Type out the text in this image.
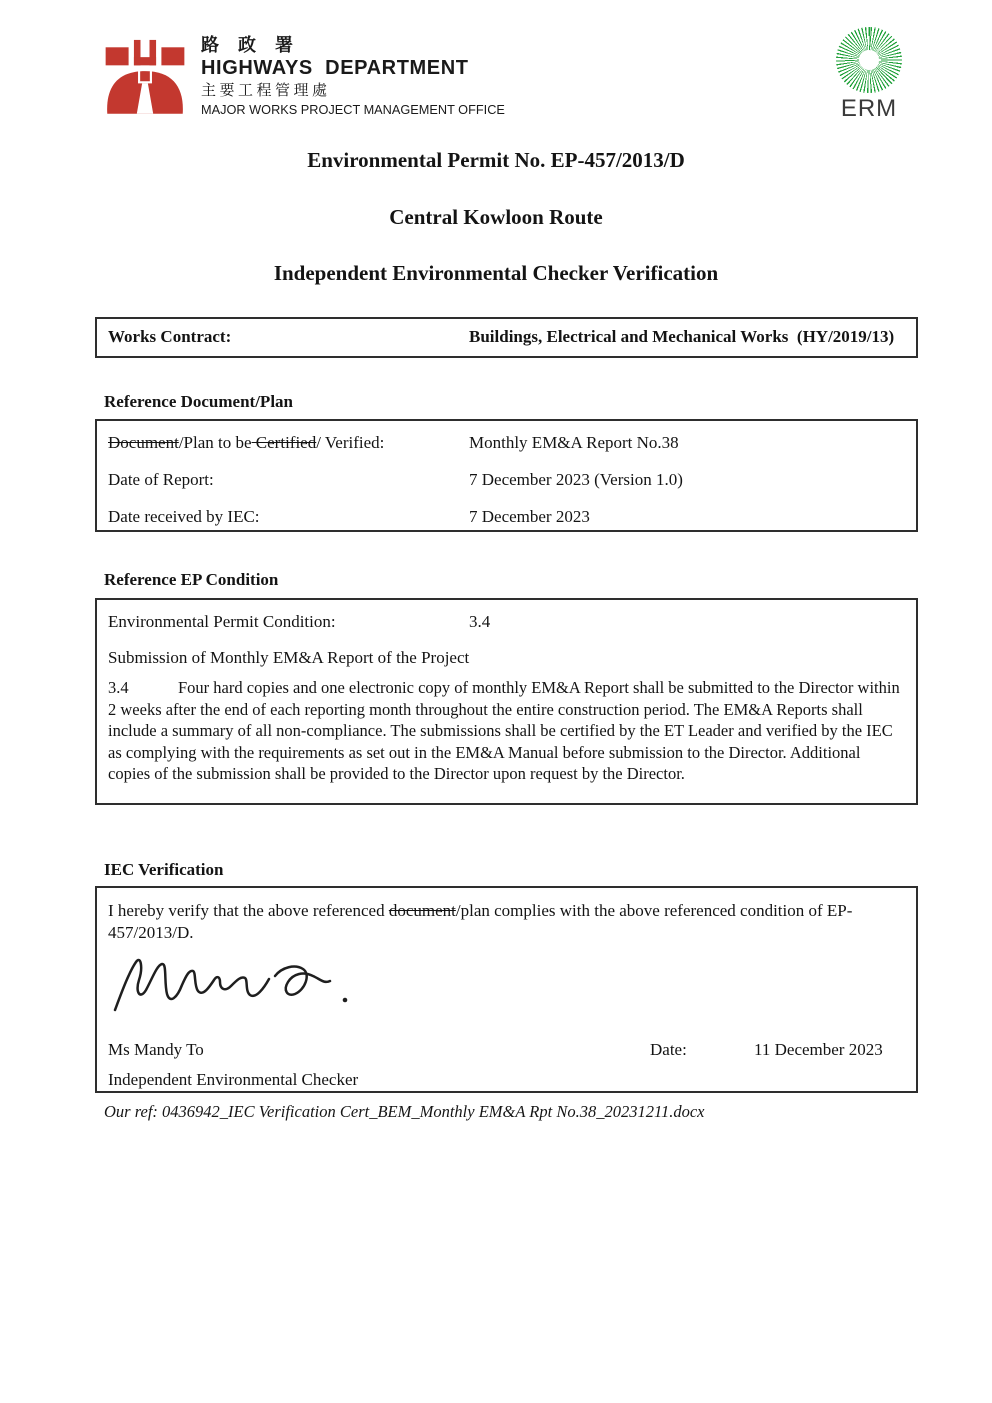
路 政 署
HIGHWAYS  DEPARTMENT
主要工程管理處
MAJOR WORKS PROJECT MANAGEMENT OFFICE	ERM
Environmental Permit No. EP-457/2013/D
Central Kowloon Route
Independent Environmental Checker Verification
Works Contract:	Buildings, Electrical and Mechanical Works  (HY/2019/13)
Reference Document/Plan
Document/Plan to be Certified/ Verified:	Monthly EM&A Report No.38
Date of Report:	7 December 2023 (Version 1.0)
Date received by IEC:	7 December 2023
Reference EP Condition
Environmental Permit Condition:	3.4
Submission of Monthly EM&A Report of the Project
3.4	Four hard copies and one electronic copy of monthly EM&A Report shall be submitted to the Director within 2 weeks after the end of each reporting month throughout the entire construction period. The EM&A Reports shall include a summary of all non-compliance. The submissions shall be certified by the ET Leader and verified by the IEC as complying with the requirements as set out in the EM&A Manual before submission to the Director. Additional copies of the submission shall be provided to the Director upon request by the Director.
IEC Verification
I hereby verify that the above referenced document/plan complies with the above referenced condition of EP-457/2013/D.
Ms Mandy To	Date:	11 December 2023
Independent Environmental Checker
Our ref: 0436942_IEC Verification Cert_BEM_Monthly EM&A Rpt No.38_20231211.docx
